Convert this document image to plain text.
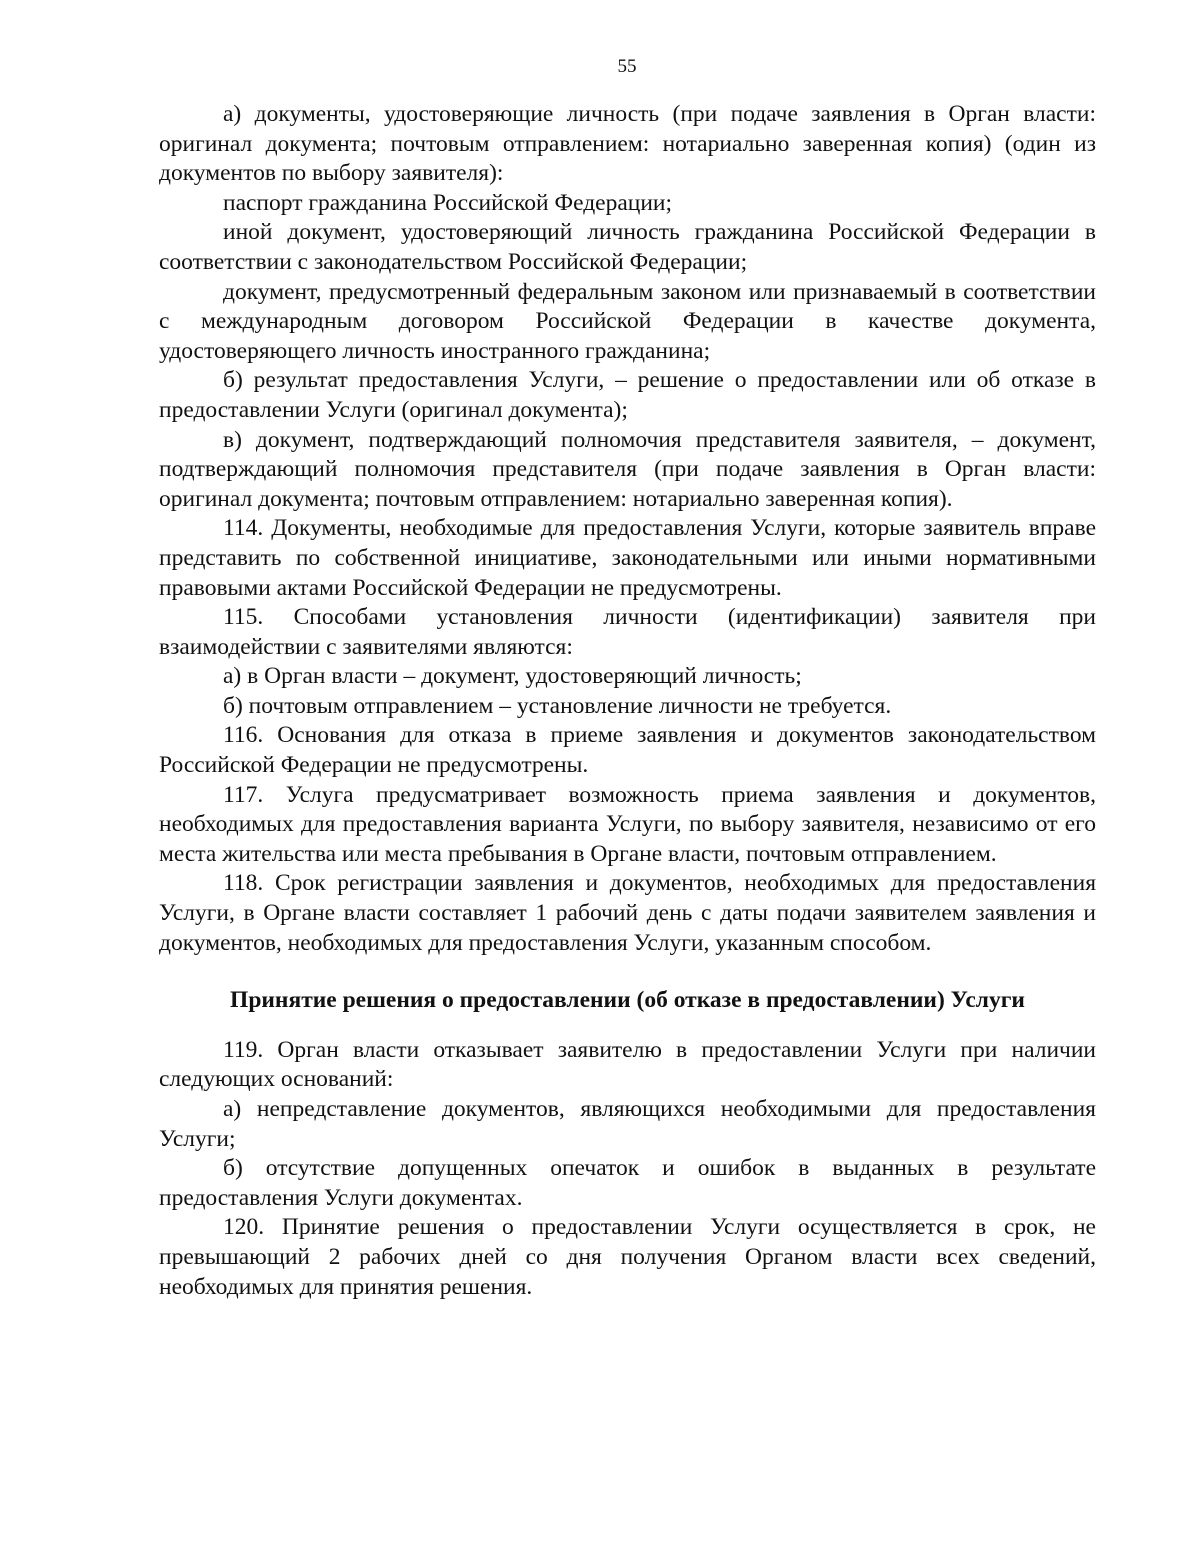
55

а) документы, удостоверяющие личность (при подаче заявления в Орган власти: оригинал документа; почтовым отправлением: нотариально заверенная копия) (один из документов по выбору заявителя):

паспорт гражданина Российской Федерации;

иной документ, удостоверяющий личность гражданина Российской Федерации в соответствии с законодательством Российской Федерации;

документ, предусмотренный федеральным законом или признаваемый в соответствии с международным договором Российской Федерации в качестве документа, удостоверяющего личность иностранного гражданина;

б) результат предоставления Услуги, – решение о предоставлении или об отказе в предоставлении Услуги (оригинал документа);

в) документ, подтверждающий полномочия представителя заявителя, – документ, подтверждающий полномочия представителя (при подаче заявления в Орган власти: оригинал документа; почтовым отправлением: нотариально заверенная копия).

114. Документы, необходимые для предоставления Услуги, которые заявитель вправе представить по собственной инициативе, законодательными или иными нормативными правовыми актами Российской Федерации не предусмотрены.

115. Способами установления личности (идентификации) заявителя при взаимодействии с заявителями являются:

а) в Орган власти – документ, удостоверяющий личность;

б) почтовым отправлением – установление личности не требуется.

116. Основания для отказа в приеме заявления и документов законодательством Российской Федерации не предусмотрены.

117. Услуга предусматривает возможность приема заявления и документов, необходимых для предоставления варианта Услуги, по выбору заявителя, независимо от его места жительства или места пребывания в Органе власти, почтовым отправлением.

118. Срок регистрации заявления и документов, необходимых для предоставления Услуги, в Органе власти составляет 1 рабочий день с даты подачи заявителем заявления и документов, необходимых для предоставления Услуги, указанным способом.

Принятие решения о предоставлении (об отказе в предоставлении) Услуги

119. Орган власти отказывает заявителю в предоставлении Услуги при наличии следующих оснований:

а) непредставление документов, являющихся необходимыми для предоставления Услуги;

б) отсутствие допущенных опечаток и ошибок в выданных в результате предоставления Услуги документах.

120. Принятие решения о предоставлении Услуги осуществляется в срок, не превышающий 2 рабочих дней со дня получения Органом власти всех сведений, необходимых для принятия решения.
